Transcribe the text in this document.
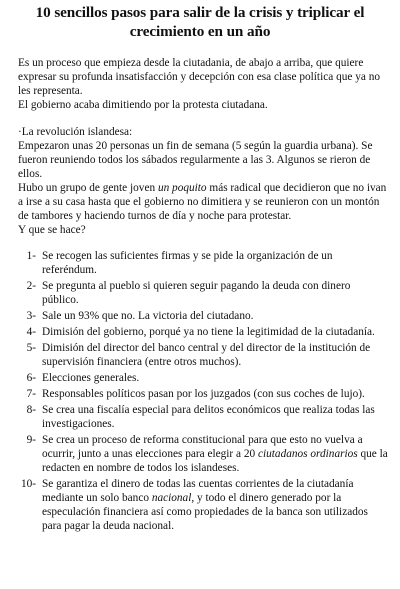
10 sencillos pasos para salir de la crisis y triplicar el crecimiento en un año

Es un proceso que empieza desde la ciutadania, de abajo a arriba, que quiere expresar su profunda insatisfacción y decepción con esa clase política que ya no les representa.

El gobierno acaba dimitiendo por la protesta ciutadana.

·La revolución islandesa:

Empezaron unas 20 personas un fin de semana (5 según la guardia urbana). Se fueron reuniendo todos los sábados regularmente a las 3. Algunos se rieron de ellos.

Hubo un grupo de gente joven un poquito más radical que decidieron que no ivan a irse a su casa hasta que el gobierno no dimitiera y se reunieron con un montón de tambores y haciendo turnos de día y noche para protestar.

Y que se hace?

1- Se recogen las suficientes firmas y se pide la organización de un referéndum.
2- Se pregunta al pueblo si quieren seguir pagando la deuda con dinero público.
3- Sale un 93% que no. La victoria del ciutadano.
4- Dimisión del gobierno, porqué ya no tiene la legitimidad de la ciutadanía.
5- Dimisión del director del banco central y del director de la institución de supervisión financiera (entre otros muchos).
6- Elecciones generales.
7- Responsables políticos pasan por los juzgados (con sus coches de lujo).
8- Se crea una fiscalía especial para delitos económicos que realiza todas las investigaciones.
9- Se crea un proceso de reforma constitucional para que esto no vuelva a ocurrir, junto a unas elecciones para elegir a 20 ciutadanos ordinarios que la redacten en nombre de todos los islandeses.
10- Se garantiza el dinero de todas las cuentas corrientes de la ciutadanía mediante un solo banco nacional, y todo el dinero generado por la especulación financiera así como propiedades de la banca son utilizados para pagar la deuda nacional.
